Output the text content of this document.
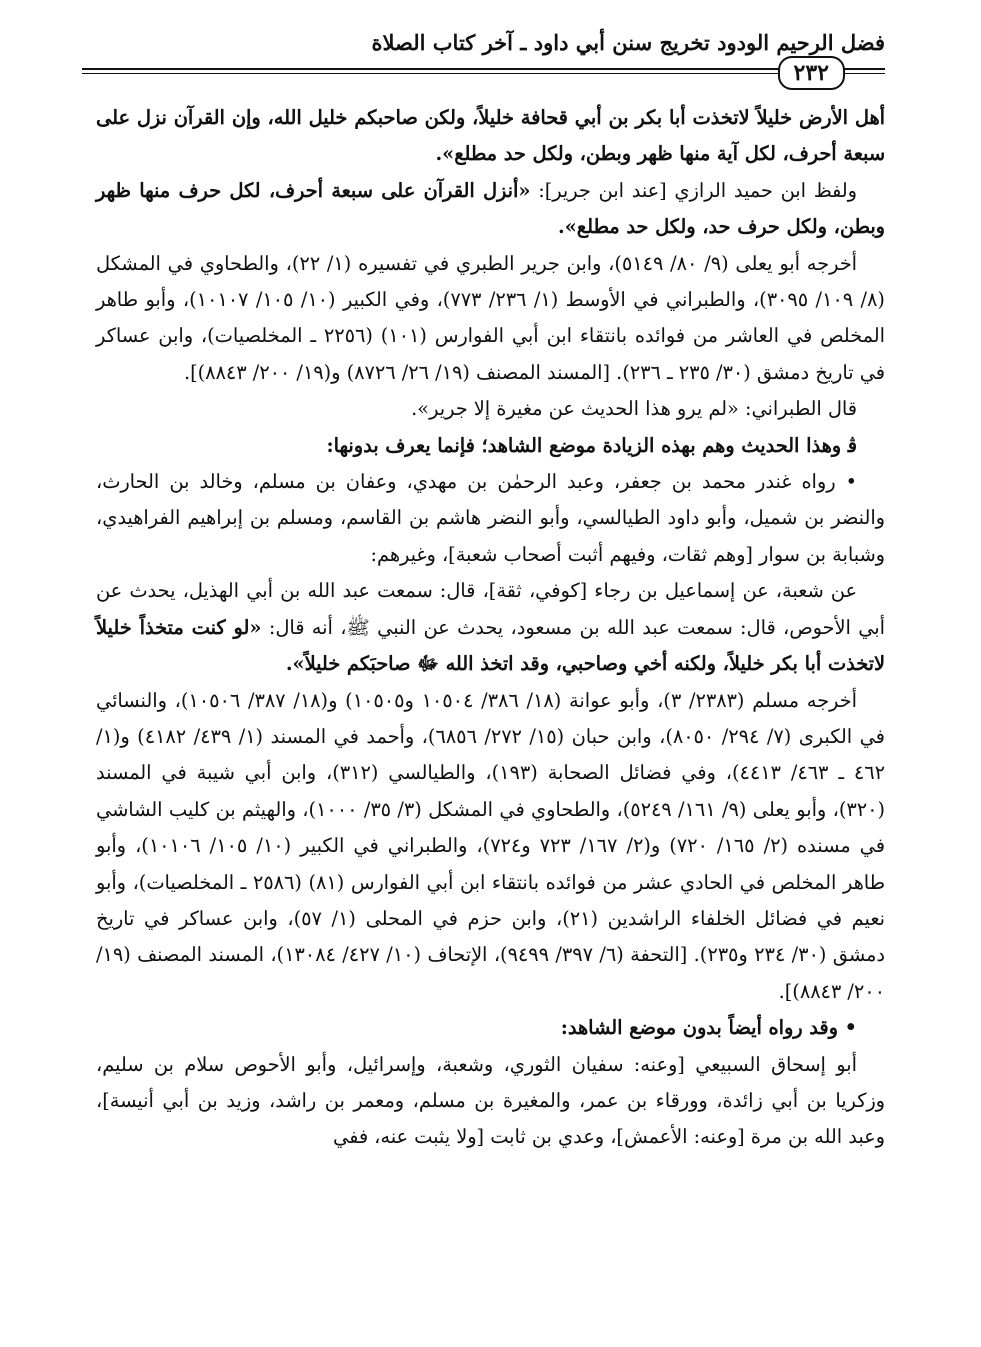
فضل الرحيم الودود تخريج سنن أبي داود ـ آخر كتاب الصلاة
٢٣٢

أهل الأرض خليلاً لاتخذت أبا بكر بن أبي قحافة خليلاً، ولكن صاحبكم خليل الله، وإن القرآن نزل على سبعة أحرف، لكل آية منها ظهر وبطن، ولكل حد مطلع».

ولفظ ابن حميد الرازي [عند ابن جرير]: «أنزل القرآن على سبعة أحرف، لكل حرف منها ظهر وبطن، ولكل حرف حد، ولكل حد مطلع».

أخرجه أبو يعلى (٩/ ٨٠/ ٥١٤٩)، وابن جرير الطبري في تفسيره (١/ ٢٢)، والطحاوي في المشكل (٨/ ١٠٩/ ٣٠٩٥)، والطبراني في الأوسط (١/ ٢٣٦/ ٧٧٣)، وفي الكبير (١٠/ ١٠٥/ ١٠١٠٧)، وأبو طاهر المخلص في العاشر من فوائده بانتقاء ابن أبي الفوارس (١٠١) (٢٢٥٦ ـ المخلصيات)، وابن عساكر في تاريخ دمشق (٣٠/ ٢٣٥ ـ ٢٣٦). [المسند المصنف (١٩/ ٢٦/ ٨٧٢٦) و(١٩/ ٢٠٠/ ٨٨٤٣)].

قال الطبراني: «لم يرو هذا الحديث عن مغيرة إلا جرير».

ﭬ وهذا الحديث وهم بهذه الزيادة موضع الشاهد؛ فإنما يعرف بدونها:

• رواه غندر محمد بن جعفر، وعبد الرحمٰن بن مهدي، وعفان بن مسلم، وخالد بن الحارث، والنضر بن شميل، وأبو داود الطيالسي، وأبو النضر هاشم بن القاسم، ومسلم بن إبراهيم الفراهيدي، وشبابة بن سوار [وهم ثقات، وفيهم أثبت أصحاب شعبة]، وغيرهم:

عن شعبة، عن إسماعيل بن رجاء [كوفي، ثقة]، قال: سمعت عبد الله بن أبي الهذيل، يحدث عن أبي الأحوص، قال: سمعت عبد الله بن مسعود، يحدث عن النبي ﷺ، أنه قال: «لو كنت متخذاً خليلاً لاتخذت أبا بكر خليلاً، ولكنه أخي وصاحبي، وقد اتخذ الله ﷻ صاحبَكم خليلاً».

أخرجه مسلم (٢٣٨٣/ ٣)، وأبو عوانة (١٨/ ٣٨٦/ ١٠٥٠٤ و١٠٥٠٥) و(١٨/ ٣٨٧/ ١٠٥٠٦)، والنسائي في الكبرى (٧/ ٢٩٤/ ٨٠٥٠)، وابن حبان (١٥/ ٢٧٢/ ٦٨٥٦)، وأحمد في المسند (١/ ٤٣٩/ ٤١٨٢) و(١/ ٤٦٢ ـ ٤٦٣/ ٤٤١٣)، وفي فضائل الصحابة (١٩٣)، والطيالسي (٣١٢)، وابن أبي شيبة في المسند (٣٢٠)، وأبو يعلى (٩/ ١٦١/ ٥٢٤٩)، والطحاوي في المشكل (٣/ ٣٥/ ١٠٠٠)، والهيثم بن كليب الشاشي في مسنده (٢/ ١٦٥/ ٧٢٠) و(٢/ ١٦٧/ ٧٢٣ و٧٢٤)، والطبراني في الكبير (١٠/ ١٠٥/ ١٠١٠٦)، وأبو طاهر المخلص في الحادي عشر من فوائده بانتقاء ابن أبي الفوارس (٨١) (٢٥٨٦ ـ المخلصيات)، وأبو نعيم في فضائل الخلفاء الراشدين (٢١)، وابن حزم في المحلى (١/ ٥٧)، وابن عساكر في تاريخ دمشق (٣٠/ ٢٣٤ و٢٣٥). [التحفة (٦/ ٣٩٧/ ٩٤٩٩)، الإتحاف (١٠/ ٤٢٧/ ١٣٠٨٤)، المسند المصنف (١٩/ ٢٠٠/ ٨٨٤٣)].

• وقد رواه أيضاً بدون موضع الشاهد:

أبو إسحاق السبيعي [وعنه: سفيان الثوري، وشعبة، وإسرائيل، وأبو الأحوص سلام بن سليم، وزكريا بن أبي زائدة، وورقاء بن عمر، والمغيرة بن مسلم، ومعمر بن راشد، وزيد بن أبي أنيسة]، وعبد الله بن مرة [وعنه: الأعمش]، وعدي بن ثابت [ولا يثبت عنه، ففي
